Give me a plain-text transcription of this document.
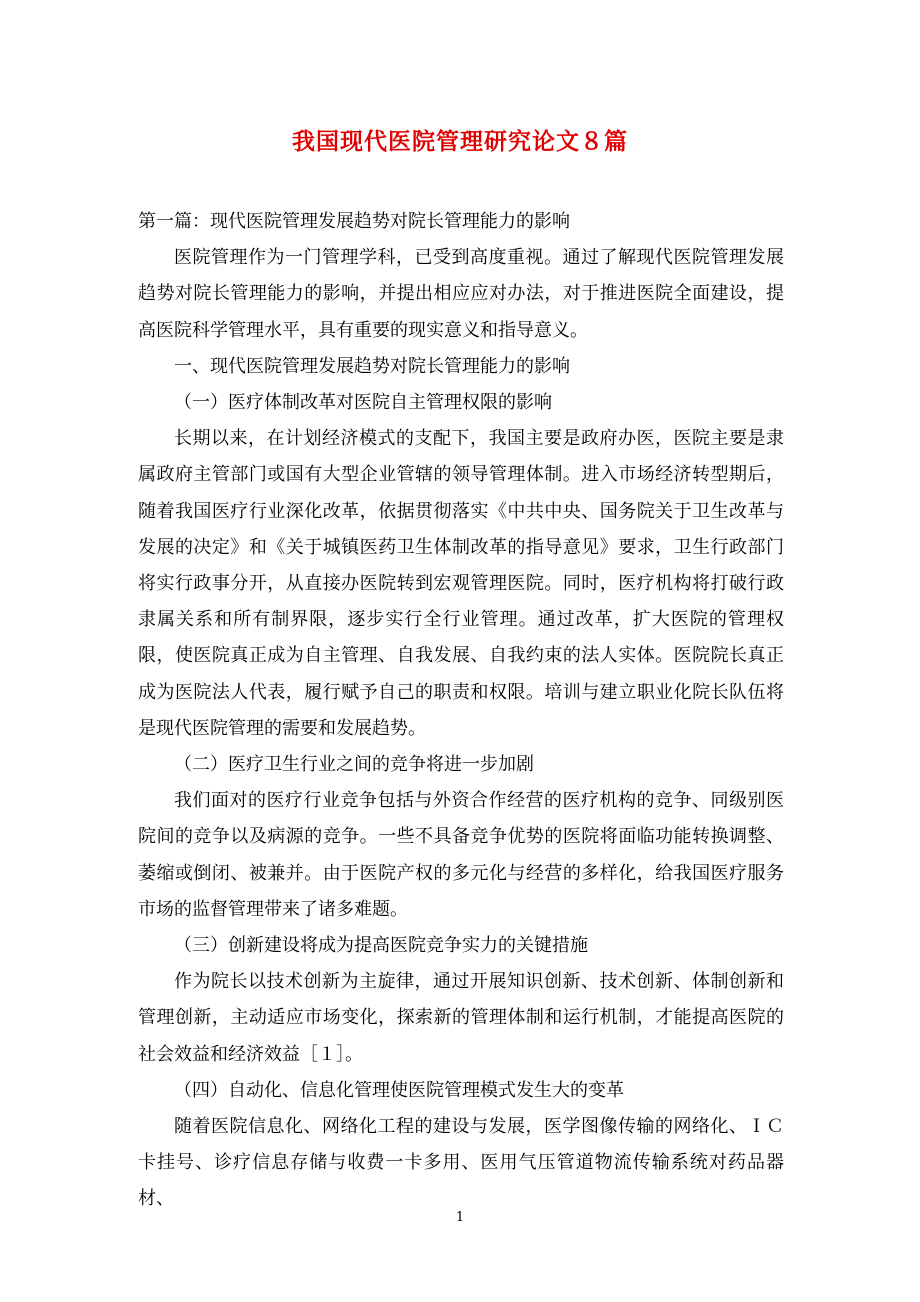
我国现代医院管理研究论文８篇

第一篇：现代医院管理发展趋势对院长管理能力的影响

医院管理作为一门管理学科，已受到高度重视。通过了解现代医院管理发展趋势对院长管理能力的影响，并提出相应应对办法，对于推进医院全面建设，提高医院科学管理水平，具有重要的现实意义和指导意义。

一、现代医院管理发展趋势对院长管理能力的影响

（一）医疗体制改革对医院自主管理权限的影响

长期以来，在计划经济模式的支配下，我国主要是政府办医，医院主要是隶属政府主管部门或国有大型企业管辖的领导管理体制。进入市场经济转型期后，随着我国医疗行业深化改革，依据贯彻落实《中共中央、国务院关于卫生改革与发展的决定》和《关于城镇医药卫生体制改革的指导意见》要求，卫生行政部门将实行政事分开，从直接办医院转到宏观管理医院。同时，医疗机构将打破行政隶属关系和所有制界限，逐步实行全行业管理。通过改革，扩大医院的管理权限，使医院真正成为自主管理、自我发展、自我约束的法人实体。医院院长真正成为医院法人代表，履行赋予自己的职责和权限。培训与建立职业化院长队伍将是现代医院管理的需要和发展趋势。

（二）医疗卫生行业之间的竞争将进一步加剧

我们面对的医疗行业竞争包括与外资合作经营的医疗机构的竞争、同级别医院间的竞争以及病源的竞争。一些不具备竞争优势的医院将面临功能转换调整、萎缩或倒闭、被兼并。由于医院产权的多元化与经营的多样化，给我国医疗服务市场的监督管理带来了诸多难题。

（三）创新建设将成为提高医院竞争实力的关键措施

作为院长以技术创新为主旋律，通过开展知识创新、技术创新、体制创新和管理创新，主动适应市场变化，探索新的管理体制和运行机制，才能提高医院的社会效益和经济效益［１］。

（四）自动化、信息化管理使医院管理模式发生大的变革

随着医院信息化、网络化工程的建设与发展，医学图像传输的网络化、ＩＣ卡挂号、诊疗信息存储与收费一卡多用、医用气压管道物流传输系统对药品器材、

1
